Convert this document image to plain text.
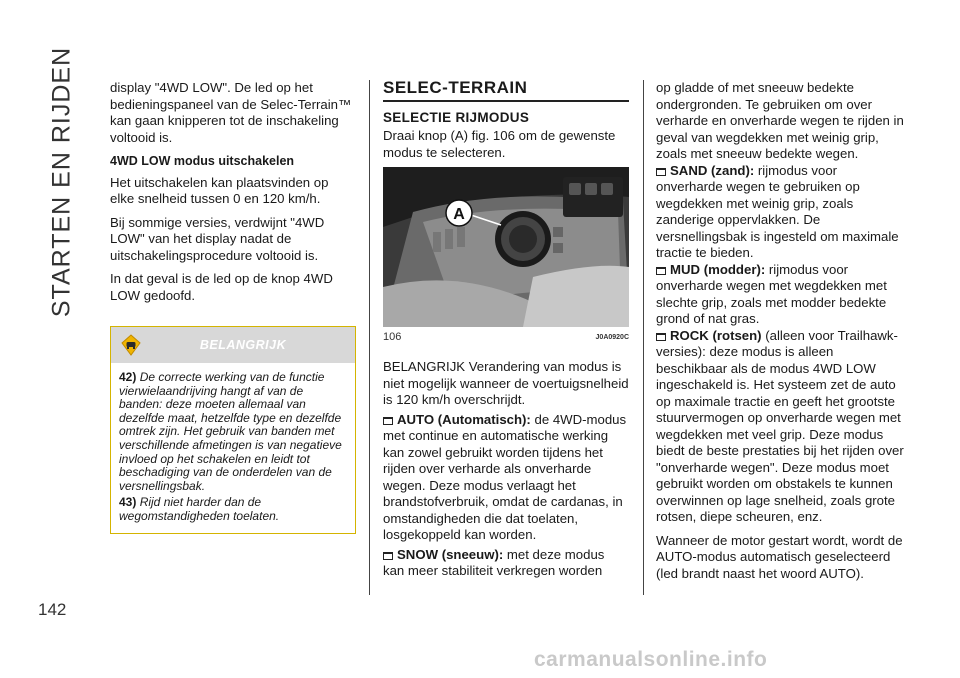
STARTEN EN RIJDEN
142

display "4WD LOW". De led op het bedieningspaneel van de Selec-Terrain™ kan gaan knipperen tot de inschakeling voltooid is.

4WD LOW modus uitschakelen

Het uitschakelen kan plaatsvinden op elke snelheid tussen 0 en 120 km/h.

Bij sommige versies, verdwijnt "4WD LOW" van het display nadat de uitschakelingsprocedure voltooid is.

In dat geval is de led op de knop 4WD LOW gedoofd.

BELANGRIJK

42) De correcte werking van de functie vierwielaandrijving hangt af van de banden: deze moeten allemaal van dezelfde maat, hetzelfde type en dezelfde omtrek zijn. Het gebruik van banden met verschillende afmetingen is van negatieve invloed op het schakelen en leidt tot beschadiging van de onderdelen van de versnellingsbak.

43) Rijd niet harder dan de wegomstandigheden toelaten.

SELEC-TERRAIN
SELECTIE RIJMODUS

Draai knop (A) fig. 106 om de gewenste modus te selecteren.

A
106	J0A0920C

BELANGRIJK Verandering van modus is niet mogelijk wanneer de voertuigsnelheid is 120 km/h overschrijdt.

AUTO (Automatisch): de 4WD-modus met continue en automatische werking kan zowel gebruikt worden tijdens het rijden over verharde als onverharde wegen. Deze modus verlaagt het brandstofverbruik, omdat de cardanas, in omstandigheden die dat toelaten, losgekoppeld kan worden.

SNOW (sneeuw): met deze modus kan meer stabiliteit verkregen worden

op gladde of met sneeuw bedekte ondergronden. Te gebruiken om over verharde en onverharde wegen te rijden in geval van wegdekken met weinig grip, zoals met sneeuw bedekte wegen.

SAND (zand): rijmodus voor onverharde wegen te gebruiken op wegdekken met weinig grip, zoals zanderige oppervlakken. De versnellingsbak is ingesteld om maximale tractie te bieden.

MUD (modder): rijmodus voor onverharde wegen met wegdekken met slechte grip, zoals met modder bedekte grond of nat gras.

ROCK (rotsen) (alleen voor Trailhawk-versies): deze modus is alleen beschikbaar als de modus 4WD LOW ingeschakeld is. Het systeem zet de auto op maximale tractie en geeft het grootste stuurvermogen op onverharde wegen met wegdekken met veel grip. Deze modus biedt de beste prestaties bij het rijden over "onverharde wegen". Deze modus moet gebruikt worden om obstakels te kunnen overwinnen op lage snelheid, zoals grote rotsen, diepe scheuren, enz.

Wanneer de motor gestart wordt, wordt de AUTO-modus automatisch geselecteerd (led brandt naast het woord AUTO).

carmanualsonline.info
